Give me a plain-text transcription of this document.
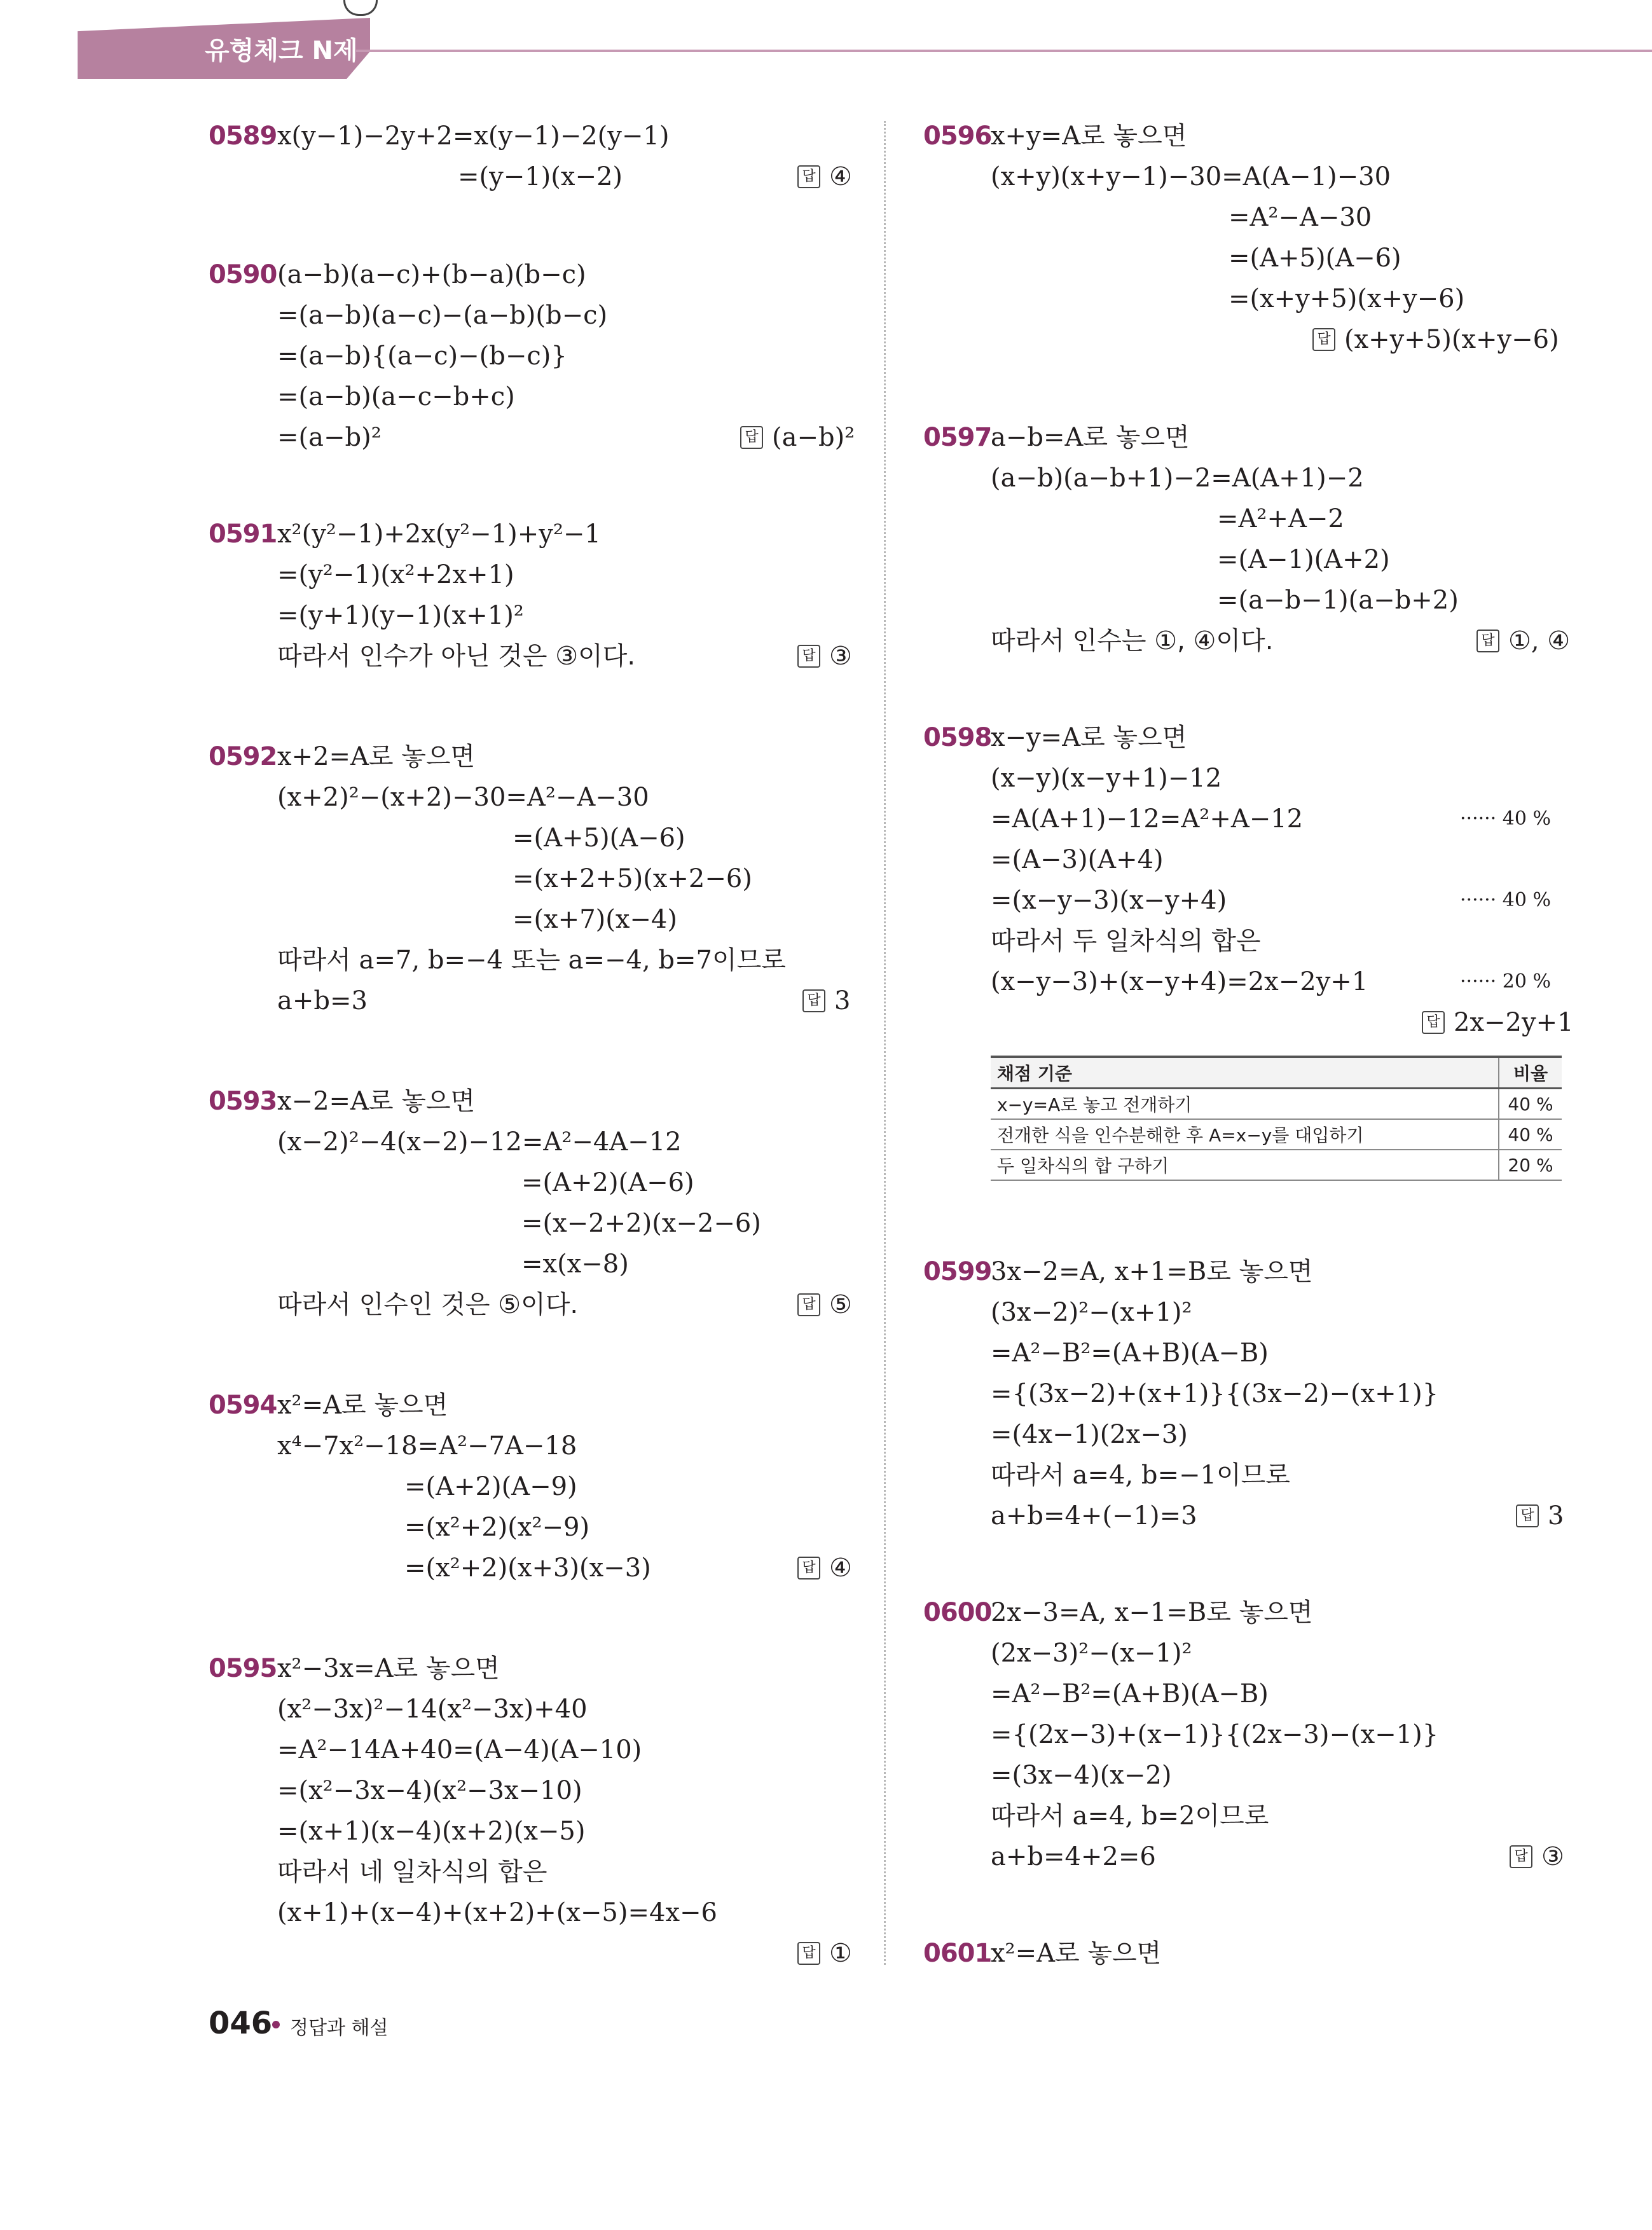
유형체크 N제
0589 x(y−1)−2y+2=x(y−1)−2(y−1)
=(y−1)(x−2)	답 ④
0590 (a−b)(a−c)+(b−a)(b−c)
=(a−b)(a−c)−(a−b)(b−c)
=(a−b){(a−c)−(b−c)}
=(a−b)(a−c−b+c)
=(a−b)²	답 (a−b)²
0591 x²(y²−1)+2x(y²−1)+y²−1
=(y²−1)(x²+2x+1)
=(y+1)(y−1)(x+1)²
따라서 인수가 아닌 것은 ③이다.	답 ③
0592 x+2=A로 놓으면
(x+2)²−(x+2)−30=A²−A−30
=(A+5)(A−6)
=(x+2+5)(x+2−6)
=(x+7)(x−4)
따라서 a=7, b=−4 또는 a=−4, b=7이므로
a+b=3	답 3
0593 x−2=A로 놓으면
(x−2)²−4(x−2)−12=A²−4A−12
=(A+2)(A−6)
=(x−2+2)(x−2−6)
=x(x−8)
따라서 인수인 것은 ⑤이다.	답 ⑤
0594 x²=A로 놓으면
x⁴−7x²−18=A²−7A−18
=(A+2)(A−9)
=(x²+2)(x²−9)
=(x²+2)(x+3)(x−3)	답 ④
0595 x²−3x=A로 놓으면
(x²−3x)²−14(x²−3x)+40
=A²−14A+40=(A−4)(A−10)
=(x²−3x−4)(x²−3x−10)
=(x+1)(x−4)(x+2)(x−5)
따라서 네 일차식의 합은
(x+1)+(x−4)+(x+2)+(x−5)=4x−6
답 ①
0596
x+y=A로 놓으면
(x+y)(x+y−1)−30=A(A−1)−30
=A²−A−30
=(A+5)(A−6)
=(x+y+5)(x+y−6)
답 (x+y+5)(x+y−6)
0597
a−b=A로 놓으면
(a−b)(a−b+1)−2=A(A+1)−2
=A²+A−2
=(A−1)(A+2)
=(a−b−1)(a−b+2)
따라서 인수는 ①, ④이다.	답 ①, ④
0598
x−y=A로 놓으면
(x−y)(x−y+1)−12
=A(A+1)−12=A²+A−12	······ 40 %
=(A−3)(A+4)
=(x−y−3)(x−y+4)	······ 40 %
따라서 두 일차식의 합은
(x−y−3)+(x−y+4)=2x−2y+1	······ 20 %
답 2x−2y+1
채점 기준	비율
x−y=A로 놓고 전개하기	40 %
전개한 식을 인수분해한 후 A=x−y를 대입하기	40 %
두 일차식의 합 구하기	20 %
0599
3x−2=A, x+1=B로 놓으면
(3x−2)²−(x+1)²
=A²−B²=(A+B)(A−B)
={(3x−2)+(x+1)}{(3x−2)−(x+1)}
=(4x−1)(2x−3)
따라서 a=4, b=−1이므로
a+b=4+(−1)=3	답 3
0600
2x−3=A, x−1=B로 놓으면
(2x−3)²−(x−1)²
=A²−B²=(A+B)(A−B)
={(2x−3)+(x−1)}{(2x−3)−(x−1)}
=(3x−4)(x−2)
따라서 a=4, b=2이므로
a+b=4+2=6	답 ③
0601
x²=A로 놓으면
046 정답과 해설
